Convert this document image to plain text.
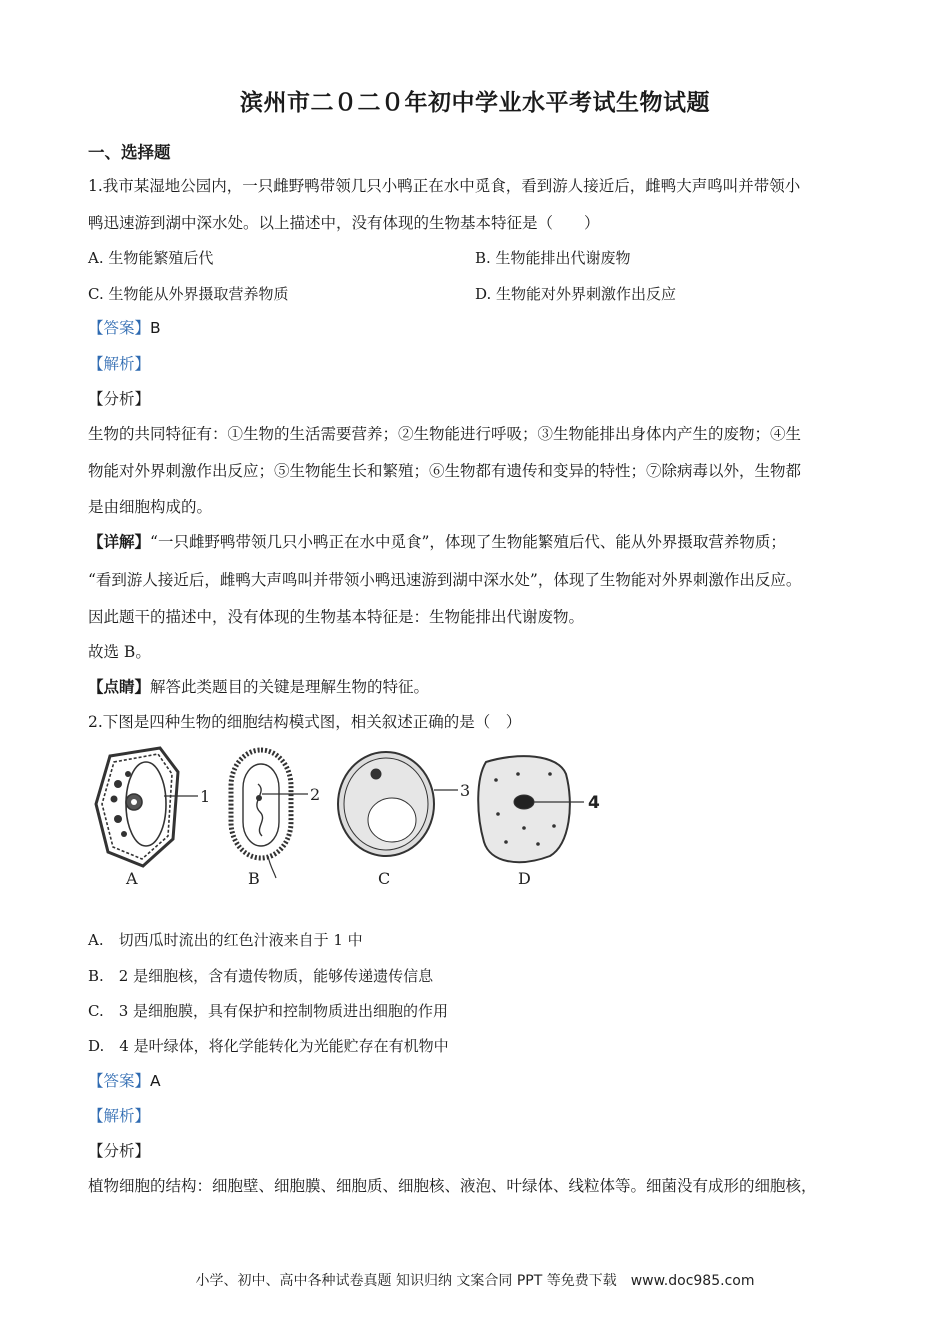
滨州市二０二０年初中学业水平考试生物试题
一、选择题
1.我市某湿地公园内，一只雌野鸭带领几只小鸭正在水中觅食，看到游人接近后，雌鸭大声鸣叫并带领小
鸭迅速游到湖中深水处。以上描述中，没有体现的生物基本特征是（　　）
A. 生物能繁殖后代	B. 生物能排出代谢废物
C. 生物能从外界摄取营养物质	D. 生物能对外界刺激作出反应
【答案】B
【解析】
【分析】
生物的共同特征有：①生物的生活需要营养；②生物能进行呼吸；③生物能排出身体内产生的废物；④生
物能对外界刺激作出反应；⑤生物能生长和繁殖；⑥生物都有遗传和变异的特性；⑦除病毒以外，生物都
是由细胞构成的。
【详解】“一只雌野鸭带领几只小鸭正在水中觅食”，体现了生物能繁殖后代、能从外界摄取营养物质；
“看到游人接近后，雌鸭大声鸣叫并带领小鸭迅速游到湖中深水处”，体现了生物能对外界刺激作出反应。
因此题干的描述中，没有体现的生物基本特征是：生物能排出代谢废物。
故选 B。
【点睛】解答此类题目的关键是理解生物的特征。
2.下图是四种生物的细胞结构模式图，相关叙述正确的是（　）
1
A
2
B
3
C
4
D
A.　切西瓜时流出的红色汁液来自于 1 中
B.　2 是细胞核，含有遗传物质，能够传递遗传信息
C.　3 是细胞膜，具有保护和控制物质进出细胞的作用
D.　4 是叶绿体，将化学能转化为光能贮存在有机物中
【答案】A
【解析】
【分析】
植物细胞的结构：细胞壁、细胞膜、细胞质、细胞核、液泡、叶绿体、线粒体等。细菌没有成形的细胞核，
小学、初中、高中各种试卷真题 知识归纳 文案合同 PPT 等免费下载　www.doc985.com
